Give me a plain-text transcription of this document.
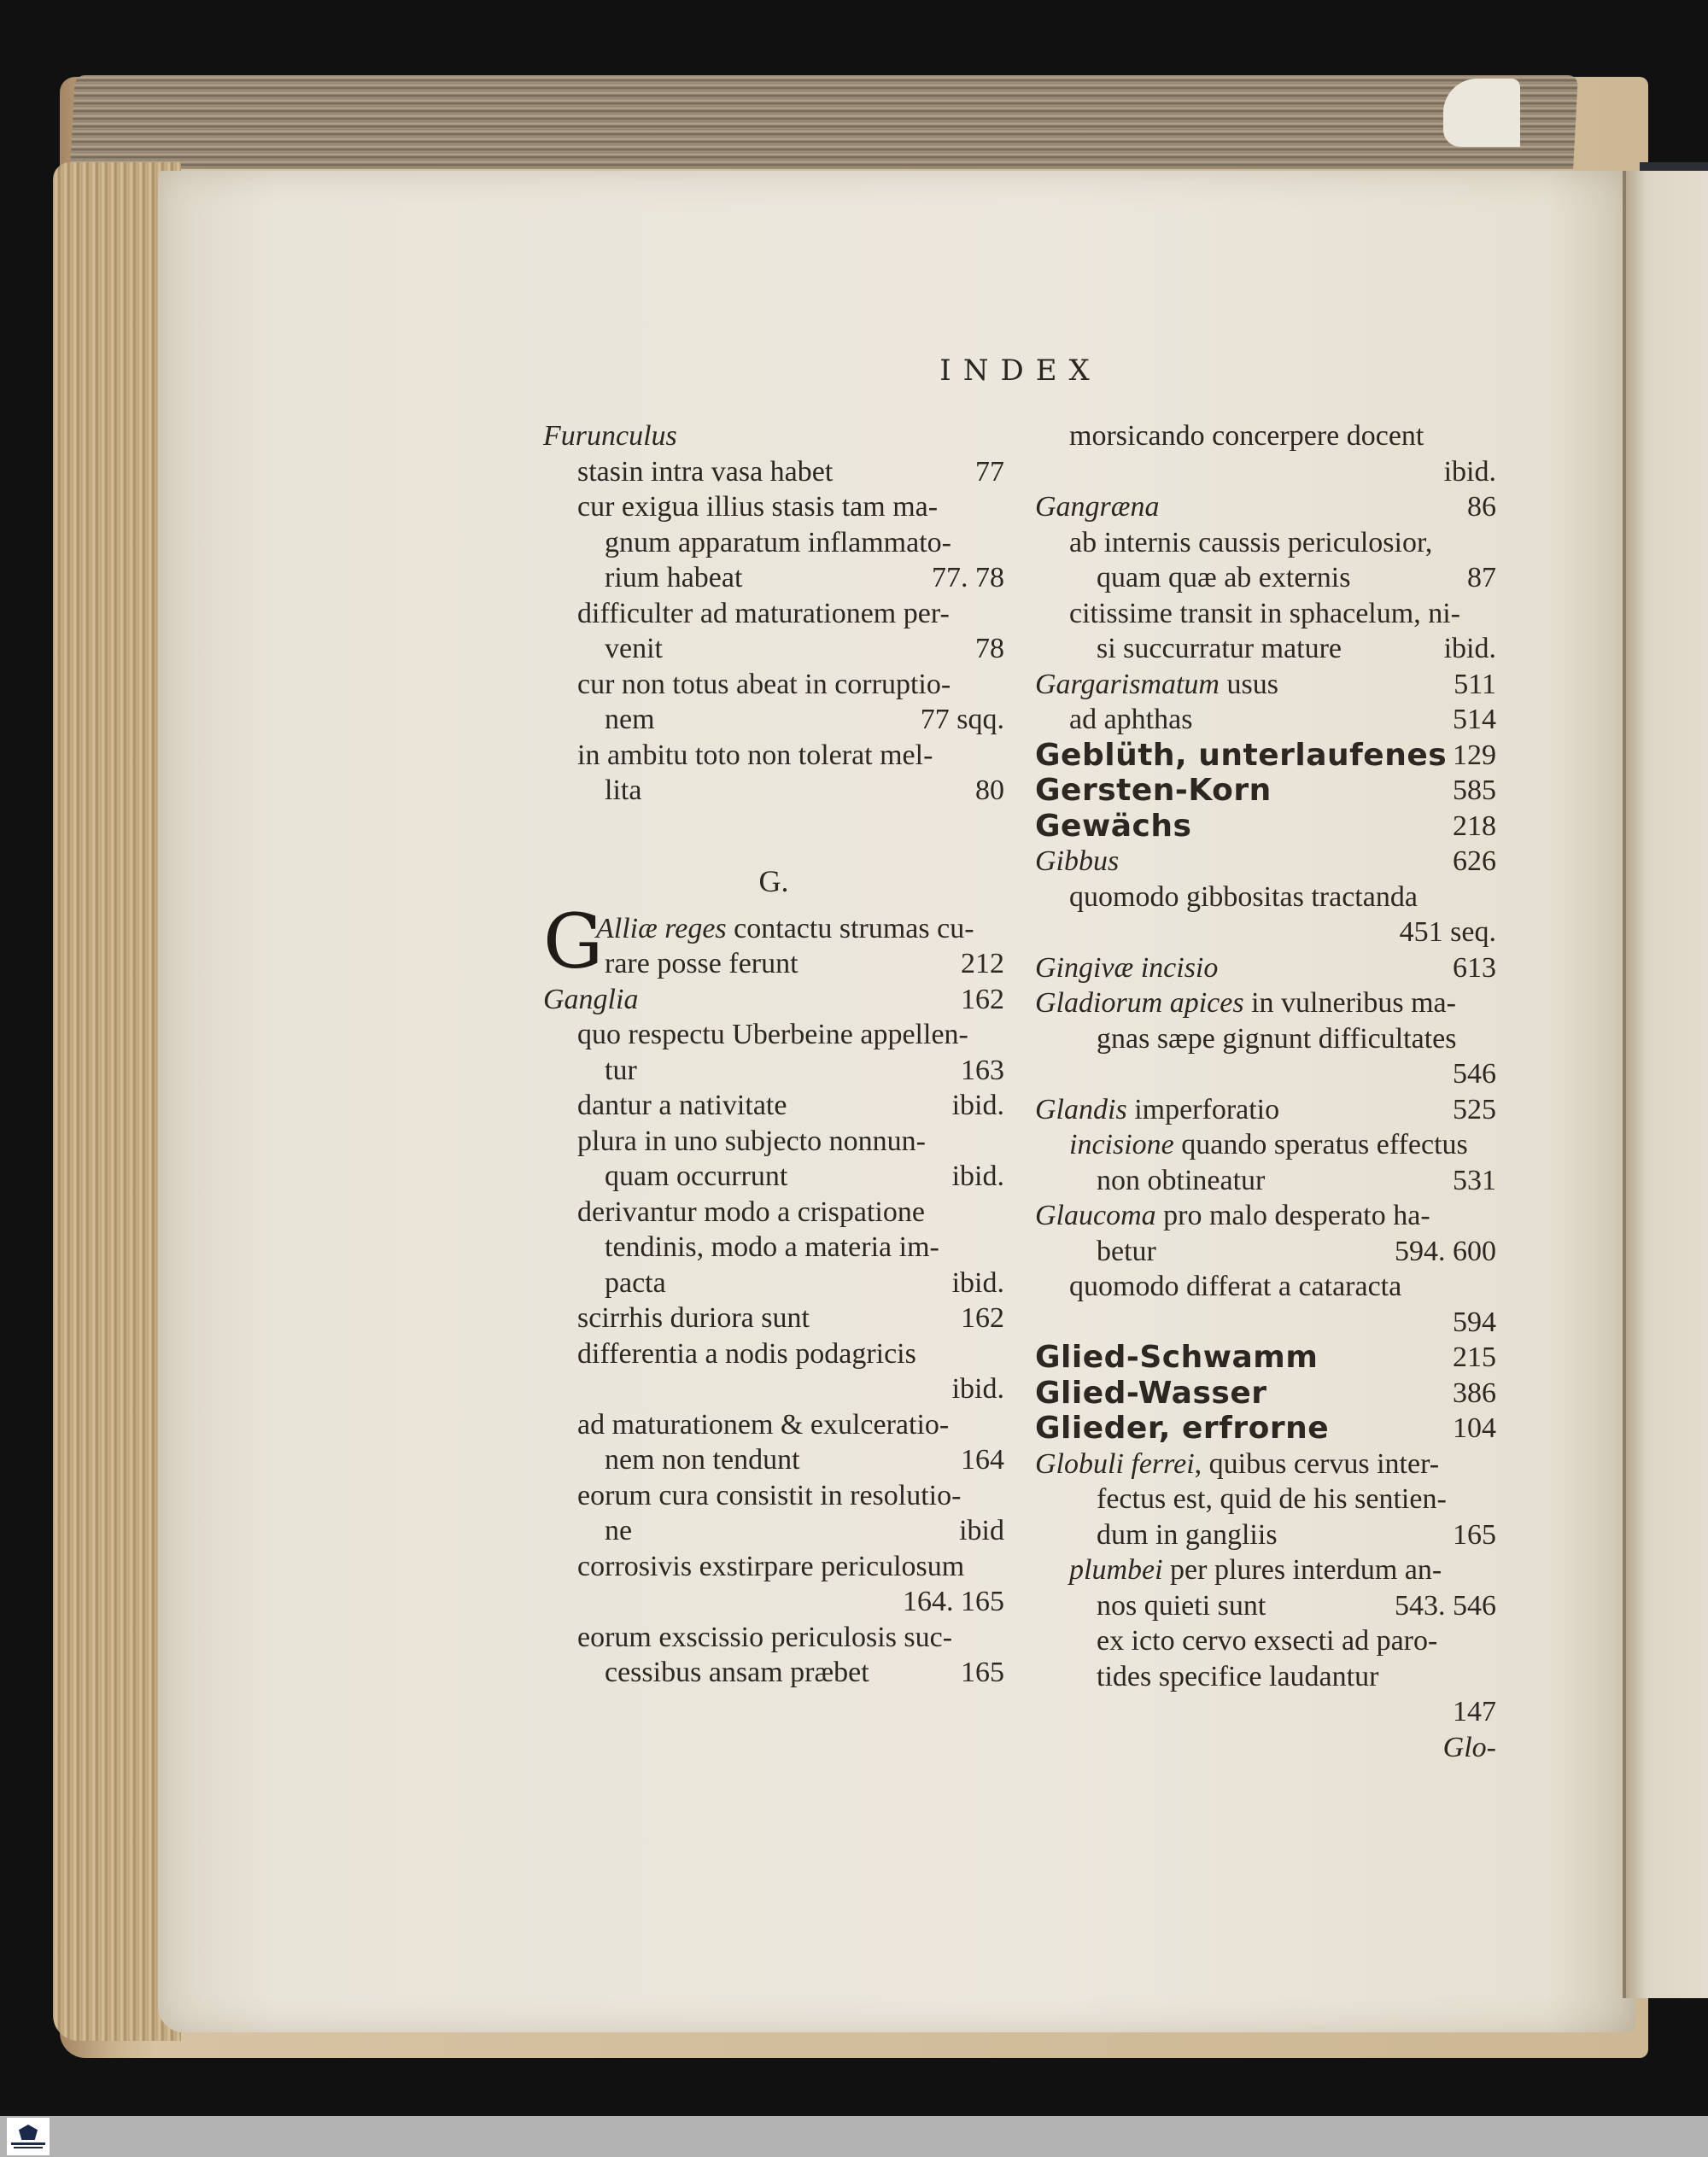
INDEX
Furunculus
stasin intra vasa habet	77
cur exigua illius stasis tam ma-
gnum apparatum inflammato-
rium habeat	77. 78
difficulter ad maturationem per-
venit	78
cur non totus abeat in corruptio-
nem	77 sqq.
in ambitu toto non tolerat mel-
lita	80
G.
G
Alliæ reges contactu strumas cu-
rare posse ferunt	212
Ganglia	162
quo respectu Uberbeine appellen-
tur	163
dantur a nativitate	ibid.
plura in uno subjecto nonnun-
quam occurrunt	ibid.
derivantur modo a crispatione
tendinis, modo a materia im-
pacta	ibid.
scirrhis duriora sunt	162
differentia a nodis podagricis
ibid.
ad maturationem & exulceratio-
nem non tendunt	164
eorum cura consistit in resolutio-
ne	ibid
corrosivis exstirpare periculosum
164. 165
eorum exscissio periculosis suc-
cessibus ansam præbet	165
morsicando concerpere docent
ibid.
Gangræna	86
ab internis caussis periculosior,
quam quæ ab externis	87
citissime transit in sphacelum, ni-
si succurratur mature	ibid.
Gargarismatum usus	511
ad aphthas	514
Geblüth, unterlaufenes 129
Gersten-Korn	585
Gewächs	218
Gibbus	626
quomodo gibbositas tractanda
451 seq.
Gingivæ incisio	613
Gladiorum apices in vulneribus ma-
gnas sæpe gignunt difficultates
546
Glandis imperforatio	525
incisione quando speratus effectus
non obtineatur	531
Glaucoma pro malo desperato ha-
betur	594. 600
quomodo differat a cataracta
594
Glied-Schwamm	215
Glied-Wasser	386
Glieder, erfrorne	104
Globuli ferrei, quibus cervus inter-
fectus est, quid de his sentien-
dum in gangliis	165
plumbei per plures interdum an-
nos quieti sunt	543. 546
ex icto cervo exsecti ad paro-
tides specifice laudantur
147
Glo-
